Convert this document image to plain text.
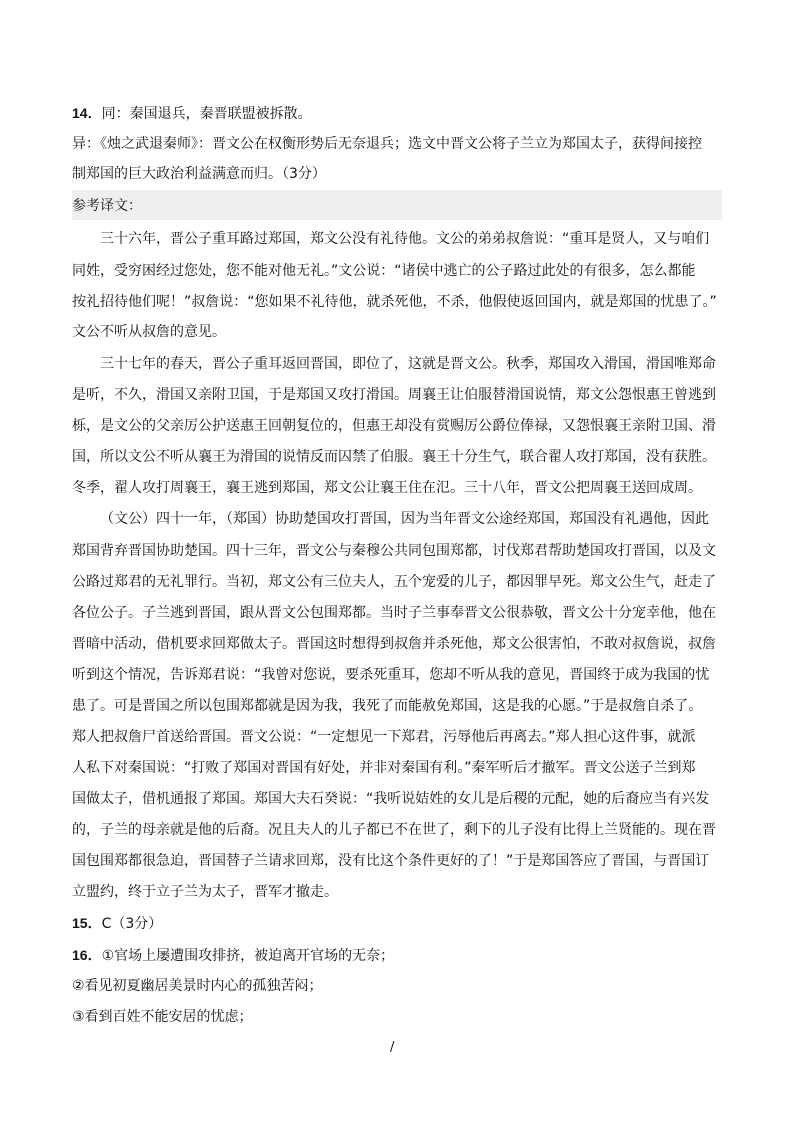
14．同：秦国退兵，秦晋联盟被拆散。
异：《烛之武退秦师》：晋文公在权衡形势后无奈退兵；选文中晋文公将子兰立为郑国太子，获得间接控
制郑国的巨大政治利益满意而归。（3分）
参考译文：
三十六年，晋公子重耳路过郑国，郑文公没有礼待他。文公的弟弟叔詹说：“重耳是贤人，又与咱们
同姓，受穷困经过您处，您不能对他无礼。”文公说：“诸侯中逃亡的公子路过此处的有很多，怎么都能
按礼招待他们呢！”叔詹说：“您如果不礼待他，就杀死他，不杀，他假使返回国内，就是郑国的忧患了。”
文公不听从叔詹的意见。
三十七年的春天，晋公子重耳返回晋国，即位了，这就是晋文公。秋季，郑国攻入滑国，滑国唯郑命
是听，不久，滑国又亲附卫国，于是郑国又攻打滑国。周襄王让伯服替滑国说情，郑文公怨恨惠王曾逃到
栎，是文公的父亲厉公护送惠王回朝复位的，但惠王却没有赏赐厉公爵位俸禄，又怨恨襄王亲附卫国、滑
国，所以文公不听从襄王为滑国的说情反而囚禁了伯服。襄王十分生气，联合翟人攻打郑国，没有获胜。
冬季，翟人攻打周襄王，襄王逃到郑国，郑文公让襄王住在氾。三十八年，晋文公把周襄王送回成周。
（文公）四十一年，（郑国）协助楚国攻打晋国，因为当年晋文公途经郑国，郑国没有礼遇他，因此
郑国背弃晋国协助楚国。四十三年，晋文公与秦穆公共同包围郑都，讨伐郑君帮助楚国攻打晋国，以及文
公路过郑君的无礼罪行。当初，郑文公有三位夫人，五个宠爱的儿子，都因罪早死。郑文公生气，赶走了
各位公子。子兰逃到晋国，跟从晋文公包围郑都。当时子兰事奉晋文公很恭敬，晋文公十分宠幸他，他在
晋暗中活动，借机要求回郑做太子。晋国这时想得到叔詹并杀死他，郑文公很害怕，不敢对叔詹说，叔詹
听到这个情况，告诉郑君说：“我曾对您说，要杀死重耳，您却不听从我的意见，晋国终于成为我国的忧
患了。可是晋国之所以包围郑都就是因为我，我死了而能赦免郑国，这是我的心愿。”于是叔詹自杀了。
郑人把叔詹尸首送给晋国。晋文公说：“一定想见一下郑君，污辱他后再离去。”郑人担心这件事，就派
人私下对秦国说：“打败了郑国对晋国有好处，并非对秦国有利。”秦军听后才撤军。晋文公送子兰到郑
国做太子，借机通报了郑国。郑国大夫石癸说：“我听说姞姓的女儿是后稷的元配，她的后裔应当有兴发
的，子兰的母亲就是他的后裔。况且夫人的儿子都已不在世了，剩下的儿子没有比得上兰贤能的。现在晋
国包围郑都很急迫，晋国替子兰请求回郑，没有比这个条件更好的了！”于是郑国答应了晋国，与晋国订
立盟约，终于立子兰为太子，晋军才撤走。
15．C（3分）
16．①官场上屡遭围攻排挤，被迫离开官场的无奈；
②看见初夏幽居美景时内心的孤独苦闷；
③看到百姓不能安居的忧虑；
/
